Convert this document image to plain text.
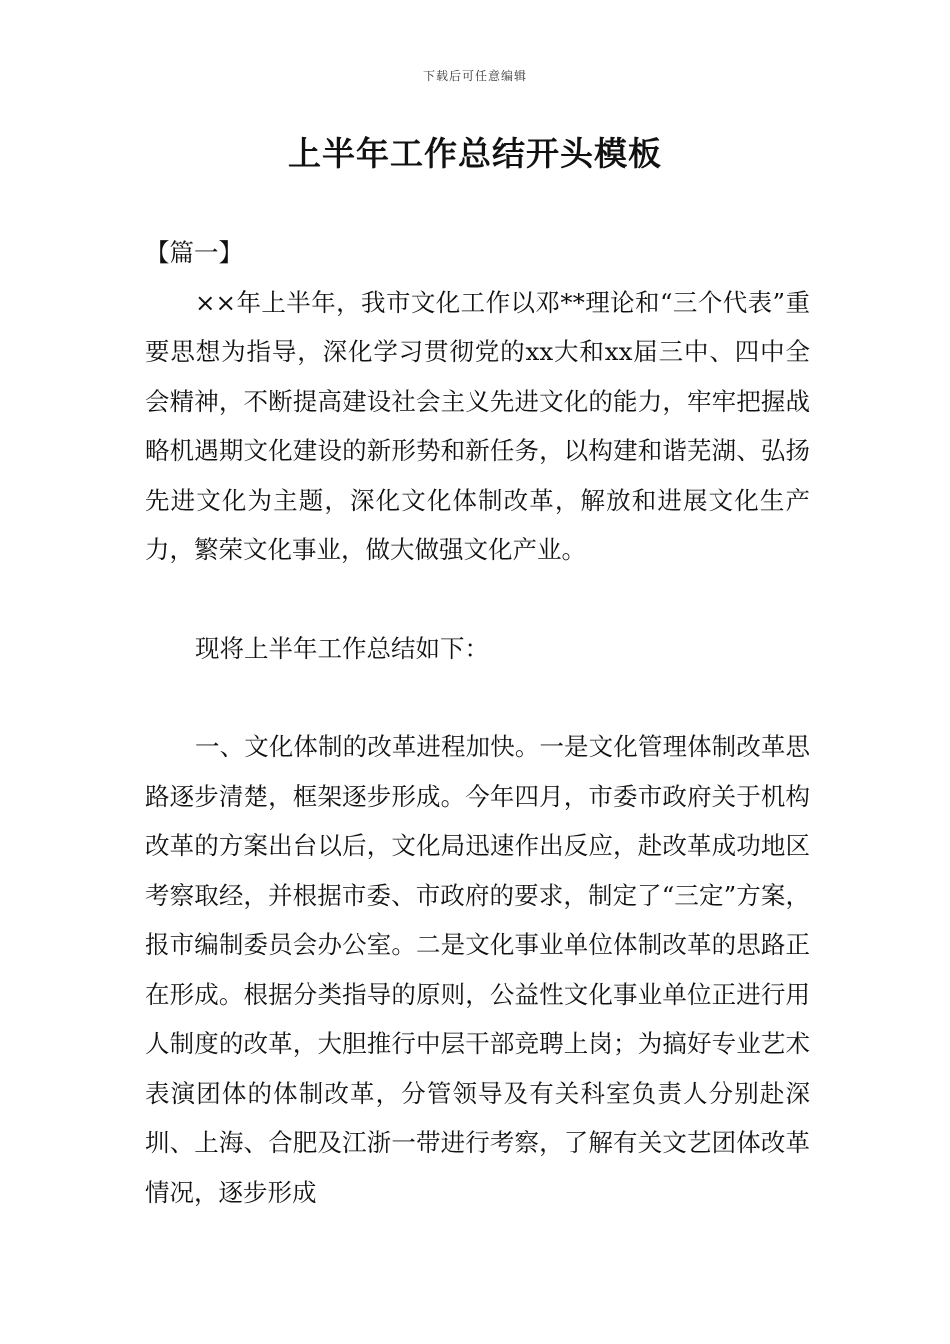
下载后可任意编辑
上半年工作总结开头模板

【篇一】

××年上半年，我市文化工作以邓**理论和“三个代表”重要思想为指导，深化学习贯彻党的xx大和xx届三中、四中全会精神，不断提高建设社会主义先进文化的能力，牢牢把握战略机遇期文化建设的新形势和新任务，以构建和谐芜湖、弘扬先进文化为主题，深化文化体制改革，解放和进展文化生产力，繁荣文化事业，做大做强文化产业。

现将上半年工作总结如下：

一、文化体制的改革进程加快。一是文化管理体制改革思路逐步清楚，框架逐步形成。今年四月，市委市政府关于机构改革的方案出台以后，文化局迅速作出反应，赴改革成功地区考察取经，并根据市委、市政府的要求，制定了“三定”方案，报市编制委员会办公室。二是文化事业单位体制改革的思路正在形成。根据分类指导的原则，公益性文化事业单位正进行用人制度的改革，大胆推行中层干部竞聘上岗；为搞好专业艺术表演团体的体制改革，分管领导及有关科室负责人分别赴深圳、上海、合肥及江浙一带进行考察，了解有关文艺团体改革情况，逐步形成
